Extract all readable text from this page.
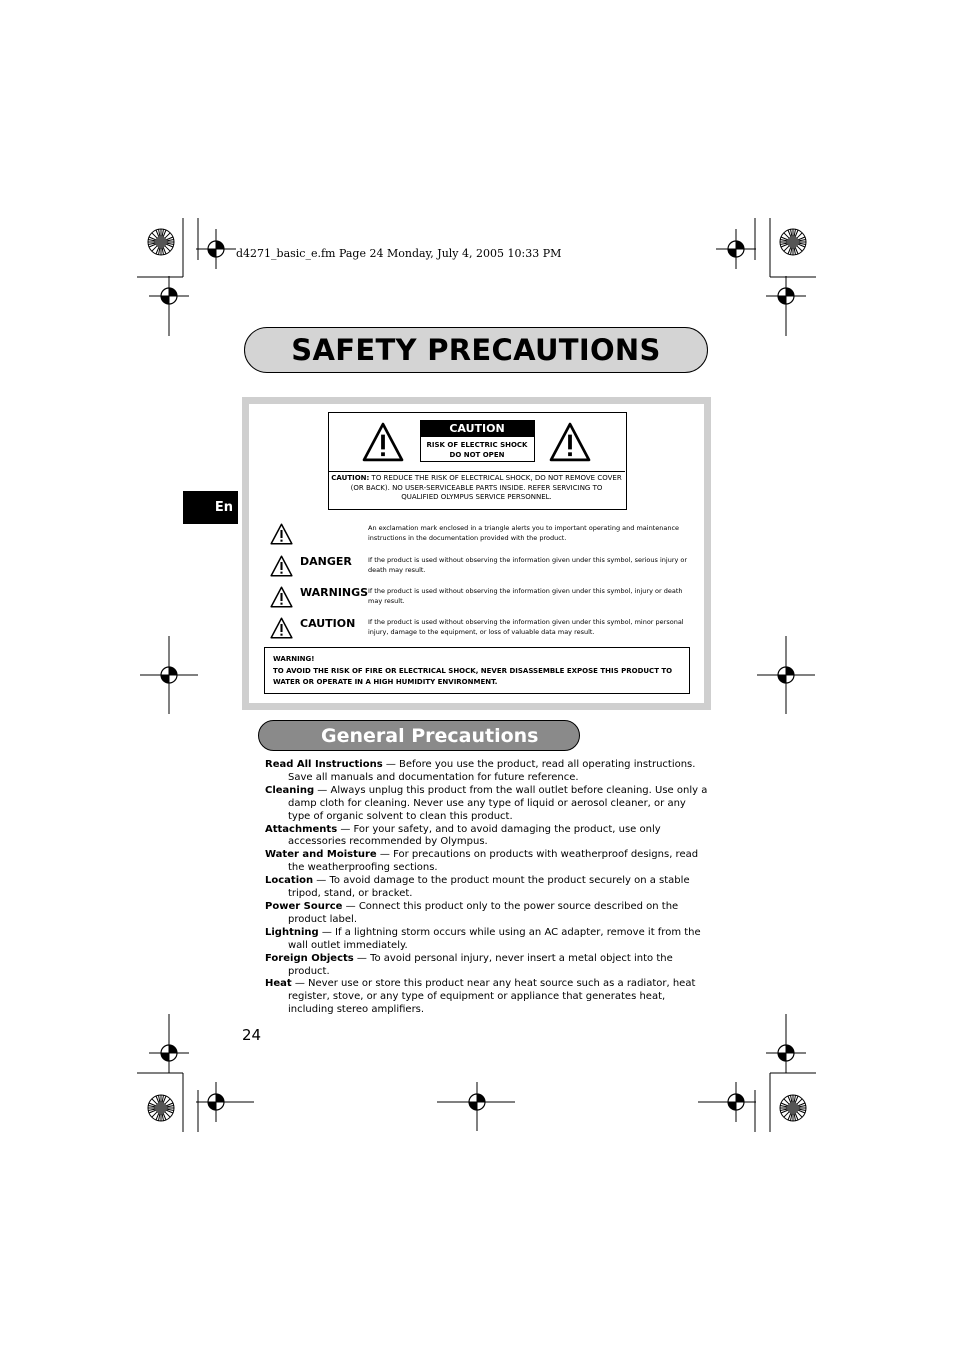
d4271_basic_e.fm Page 24 Monday, July 4, 2005 10:33 PM
SAFETY PRECAUTIONS
En
CAUTION
RISK OF ELECTRIC SHOCK
DO NOT OPEN
CAUTION: TO REDUCE THE RISK OF ELECTRICAL SHOCK, DO NOT REMOVE COVER (OR BACK). NO USER-SERVICEABLE PARTS INSIDE. REFER SERVICING TO QUALIFIED OLYMPUS SERVICE PERSONNEL.
An exclamation mark enclosed in a triangle alerts you to important operating and maintenance instructions in the documentation provided with the product.
DANGER If the product is used without observing the information given under this symbol, serious injury or death may result.
WARNINGS If the product is used without observing the information given under this symbol, injury or death may result.
CAUTION If the product is used without observing the information given under this symbol, minor personal injury, damage to the equipment, or loss of valuable data may result.
WARNING!
TO AVOID THE RISK OF FIRE OR ELECTRICAL SHOCK, NEVER DISASSEMBLE EXPOSE THIS PRODUCT TO WATER OR OPERATE IN A HIGH HUMIDITY ENVIRONMENT.
General Precautions

Read All Instructions — Before you use the product, read all operating instructions. Save all manuals and documentation for future reference.

Cleaning — Always unplug this product from the wall outlet before cleaning. Use only a damp cloth for cleaning. Never use any type of liquid or aerosol cleaner, or any type of organic solvent to clean this product.

Attachments — For your safety, and to avoid damaging the product, use only accessories recommended by Olympus.

Water and Moisture — For precautions on products with weatherproof designs, read the weatherproofing sections.

Location — To avoid damage to the product mount the product securely on a stable tripod, stand, or bracket.

Power Source — Connect this product only to the power source described on the product label.

Lightning — If a lightning storm occurs while using an AC adapter, remove it from the wall outlet immediately.

Foreign Objects — To avoid personal injury, never insert a metal object into the product.

Heat — Never use or store this product near any heat source such as a radiator, heat register, stove, or any type of equipment or appliance that generates heat, including stereo amplifiers.

24
